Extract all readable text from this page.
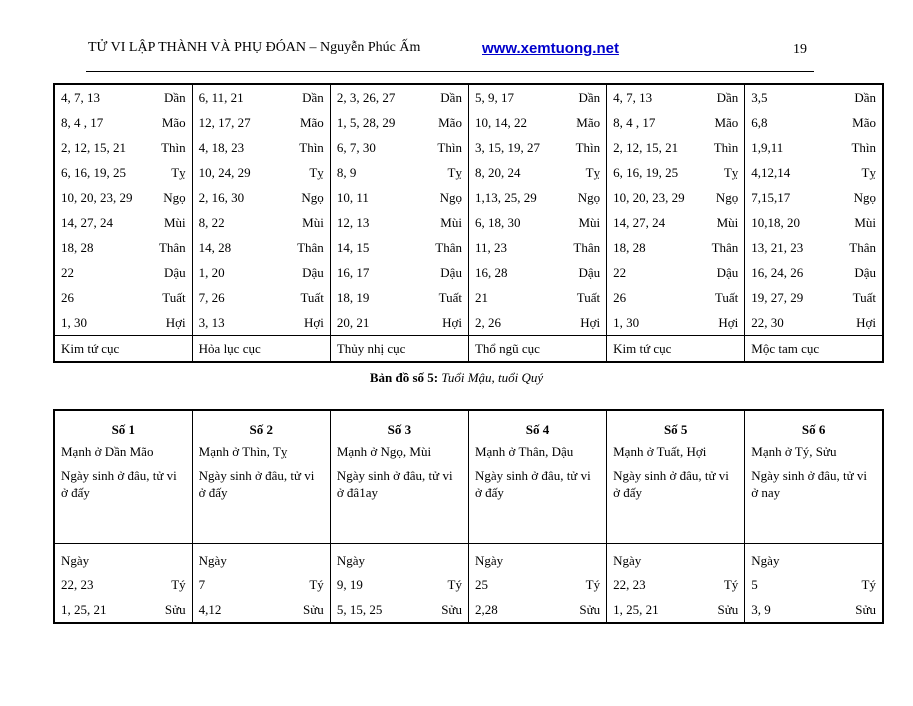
TỬ VI LẬP THÀNH VÀ PHỤ ĐÓAN – Nguyễn Phúc Ấm	www.xemtuong.net	19
4, 7, 13 Dần	6, 11, 21 Dần	2, 3, 26, 27 Dần	5, 9, 17 Dần	4, 7, 13 Dần	3,5 Dần

8, 4 , 17 Mão	12, 17, 27 Mão	1, 5, 28, 29 Mão	10, 14, 22 Mão	8, 4 , 17 Mão	6,8 Mão

2, 12, 15, 21 Thìn	4, 18, 23 Thìn	6, 7, 30 Thìn	3, 15, 19, 27 Thìn	2, 12, 15, 21 Thìn	1,9,11 Thìn

6, 16, 19, 25 Tỵ	10, 24, 29 Tỵ	8, 9 Tỵ	8, 20, 24 Tỵ	6, 16, 19, 25 Tỵ	4,12,14 Tỵ

10, 20, 23, 29 Ngọ	2, 16, 30 Ngọ	10, 11 Ngọ	1,13, 25, 29 Ngọ	10, 20, 23, 29 Ngọ	7,15,17 Ngọ

14, 27, 24 Mùi	8, 22 Mùi	12, 13 Mùi	6, 18, 30 Mùi	14, 27, 24 Mùi	10,18, 20 Mùi

18, 28 Thân	14, 28 Thân	14, 15 Thân	11, 23 Thân	18, 28 Thân	13, 21, 23 Thân

22 Dậu	1, 20 Dậu	16, 17 Dậu	16, 28 Dậu	22 Dậu	16, 24, 26 Dậu

26 Tuất	7, 26 Tuất	18, 19 Tuất	21 Tuất	26 Tuất	19, 27, 29 Tuất

1, 30 Hợi	3, 13 Hợi	20, 21 Hợi	2, 26 Hợi	1, 30 Hợi	22, 30 Hợi

Kim tứ cục	Hỏa lục cục	Thủy nhị cục	Thổ ngũ cục	Kim tứ cục	Mộc tam cục
Bản đồ số 5: Tuổi Mậu, tuổi Quý
Số 1	Số 2	Số 3	Số 4	Số 5	Số 6
Mạnh ở Dần Mão	Mạnh ở Thìn, Tỵ	Mạnh ở Ngọ, Mùi	Mạnh ở Thân, Dậu	Mạnh ở Tuất, Hợi	Mạnh ở Tý, Sửu
Ngày sinh ở đâu, tử vi ở đấy	Ngày sinh ở đâu, tử vi ở đấy	Ngày sinh ở đâu, tử vi ở đâ1ay	Ngày sinh ở đâu, tử vi ở đấy	Ngày sinh ở đâu, tử vi ở đấy	Ngày sinh ở đâu, tử vi ở nay
Ngày	Ngày	Ngày	Ngày	Ngày	Ngày

22, 23 Tý	7 Tý	9, 19 Tý	25 Tý	22, 23 Tý	5 Tý

1, 25, 21 Sửu	4,12 Sửu	5, 15, 25 Sửu	2,28 Sửu	1, 25, 21 Sửu	3, 9 Sửu
